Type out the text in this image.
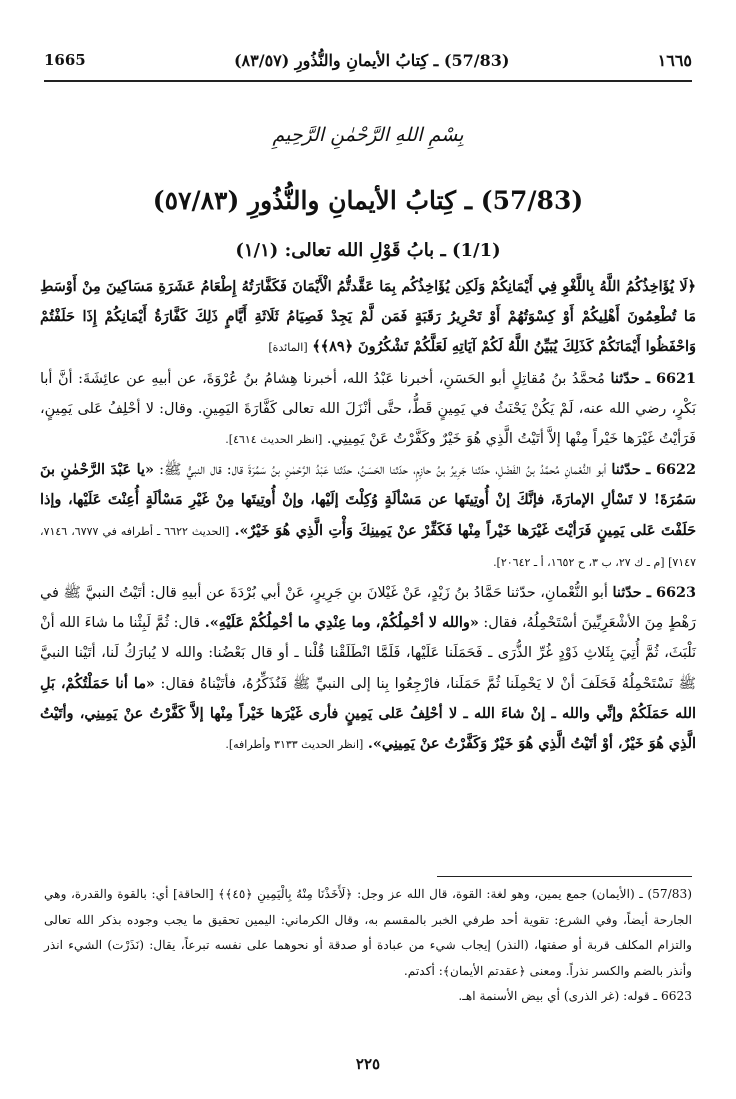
1665	(57/83) ـ كِتابُ الأيمانِ والنُّذُورِ (٨٣/٥٧)	١٦٦٥
بِسْمِ اللهِ الرَّحْمٰنِ الرَّحِيمِ
(57/83) ـ كِتابُ الأيمانِ والنُّذُورِ (٥٧/٨٣)
(1/1) ـ بابُ قَوْلِ الله تعالى: (١/١)

﴿لَا يُؤَاخِذُكُمُ اللَّهُ بِاللَّغْوِ فِي أَيْمَانِكُمْ وَلَكِن يُؤَاخِذُكُم بِمَا عَقَّدتُّمُ الْأَيْمَانَ فَكَفَّارَتُهُ إِطْعَامُ عَشَرَةِ مَسَاكِينَ مِنْ أَوْسَطِ مَا تُطْعِمُونَ أَهْلِيكُمْ أَوْ كِسْوَتُهُمْ أَوْ تَحْرِيرُ رَقَبَةٍ فَمَن لَّمْ يَجِدْ فَصِيَامُ ثَلَاثَةِ أَيَّامٍ ذَلِكَ كَفَّارَةُ أَيْمَانِكُمْ إِذَا حَلَفْتُمْ وَاحْفَظُوا أَيْمَانَكُمْ كَذَلِكَ يُبَيِّنُ اللَّهُ لَكُمْ آيَاتِهِ لَعَلَّكُمْ تَشْكُرُونَ ﴿٨٩﴾﴾ [المائدة]

6621 ـ حدّثنا مُحمَّدُ بنُ مُقاتِلٍ أبو الحَسَنِ، أخبرنا عَبْدُ الله، أخبرنا هِشامُ بنُ عُرْوَةَ، عن أبيهِ عن عائِشَةَ: أنَّ أبا بَكْرٍ، رضي الله عنه، لَمْ يَكُنْ يَحْنَثُ في يَمِينٍ قَطُّ، حتَّى أنْزَلَ الله تعالى كَفَّارَةَ اليَمِينِ. وقال: لا أحْلِفُ عَلى يَمِينٍ، فَرَأيْتُ غَيْرَها خَيْراً مِنْها إلاَّ أتَيْتُ الَّذِي هُوَ خَيْرٌ وكَفَّرْتُ عَنْ يَمِينِي. [انظر الحديث ٤٦١٤].

6622 ـ حدّثنا أبو النُّعْمانِ مُحمَّدُ بنُ الفَضْلِ، حدّثنا جَرِيرُ بنُ حازِمٍ، حدّثنا الحَسَنُ، حدّثنا عَبْدُ الرَّحْمٰنِ بنُ سَمُرَةَ قال: قال النبيُّ ﷺ: «يا عَبْدَ الرَّحْمٰنِ بنَ سَمُرَةَ! لا تَسْألِ الإمارَةَ، فإنَّكَ إنْ أُوتِيتَها عن مَسْألَةٍ وُكِلْتَ إلَيْها، وإنْ أُوتِيتَها مِنْ غَيْرِ مَسْألَةٍ أُعِنْتَ عَلَيْها، وإذا حَلَفْتَ عَلى يَمِينٍ فَرَأيْتَ غَيْرَها خَيْراً مِنْها فَكَفِّرْ عنْ يَمِينِكَ وَأْتِ الَّذِي هُوَ خَيْرٌ». [الحديث ٦٦٢٢ ـ أطرافه في ٦٧٧٧، ٧١٤٦، ٧١٤٧] [م ـ ك ٢٧، ب ٣، ح ١٦٥٢، أ ـ ٢٠٦٤٢].

6623 ـ حدّثنا أبو النُّعْمانِ، حدّثنا حَمَّادُ بنُ زَيْدٍ، عَنْ غَيْلانَ بنِ جَرِيرٍ، عَنْ أبي بُرْدَةَ عن أبيهِ قال: أتَيْتُ النبيَّ ﷺ في رَهْطٍ مِنَ الأشْعَرِيِّينَ أسْتَحْمِلُهُ، فقال: «والله لا أحْمِلُكُمْ، وما عِنْدِي ما أحْمِلُكُمْ عَلَيْهِ». قال: ثُمَّ لَبِثْنا ما شاءَ الله أنْ نَلْبَثَ، ثُمَّ أُتِيَ بِثَلاثِ ذَوْدٍ غُرِّ الذُّرَى ـ فَحَمَلَنا عَلَيْها، فَلَمَّا انْطَلَقْنا قُلْنا ـ أو قال بَعْضُنا: والله لا يُبارَكُ لَنا، أتَيْنا النبيَّ ﷺ نَسْتَحْمِلُهُ فَحَلَفَ أنْ لا يَحْمِلَنا ثُمَّ حَمَلَنا، فارْجِعُوا بِنا إلى النبيِّ ﷺ فَنُذَكِّرُهُ، فأتَيْناهُ فقال: «ما أنا حَمَلْتُكُمْ، بَلِ الله حَمَلَكُمْ وإنِّي والله ـ إنْ شاءَ الله ـ لا أحْلِفُ عَلى يَمِينٍ فأرى غَيْرَها خَيْراً مِنْها إلاَّ كَفَّرْتُ عنْ يَمِينِي، وأتَيْتُ الَّذِي هُوَ خَيْرٌ، أوْ أتَيْتُ الَّذِي هُوَ خَيْرٌ وَكَفَّرْتُ عنْ يَمِينِي». [انظر الحديث ٣١٣٣ وأطرافه].

(57/83) ـ (الأيمان) جمع يمين، وهو لغة: القوة، قال الله عز وجل: ﴿لَأَخَذْنَا مِنْهُ بِالْيَمِينِ ﴿٤٥﴾﴾ [الحاقة] أي: بالقوة والقدرة، وهي الجارحة أيضاً، وفي الشرع: تقوية أحد طرفي الخبر بالمقسم به، وقال الكرماني: اليمين تحقيق ما يجب وجوده بذكر الله تعالى والتزام المكلف قربة أو صفتها، (النذر) إيجاب شيء من عبادة أو صدقة أو نحوهما على نفسه تبرعاً، يقال: (نَذَرْت) الشيء انذر وأنذر بالضم والكسر نذراً. ومعنى ﴿عقدتم الأيمان﴾: أكدتم.

6623 ـ قوله: (غر الذرى) أي بيض الأسنمة اهـ.

٢٢٥
